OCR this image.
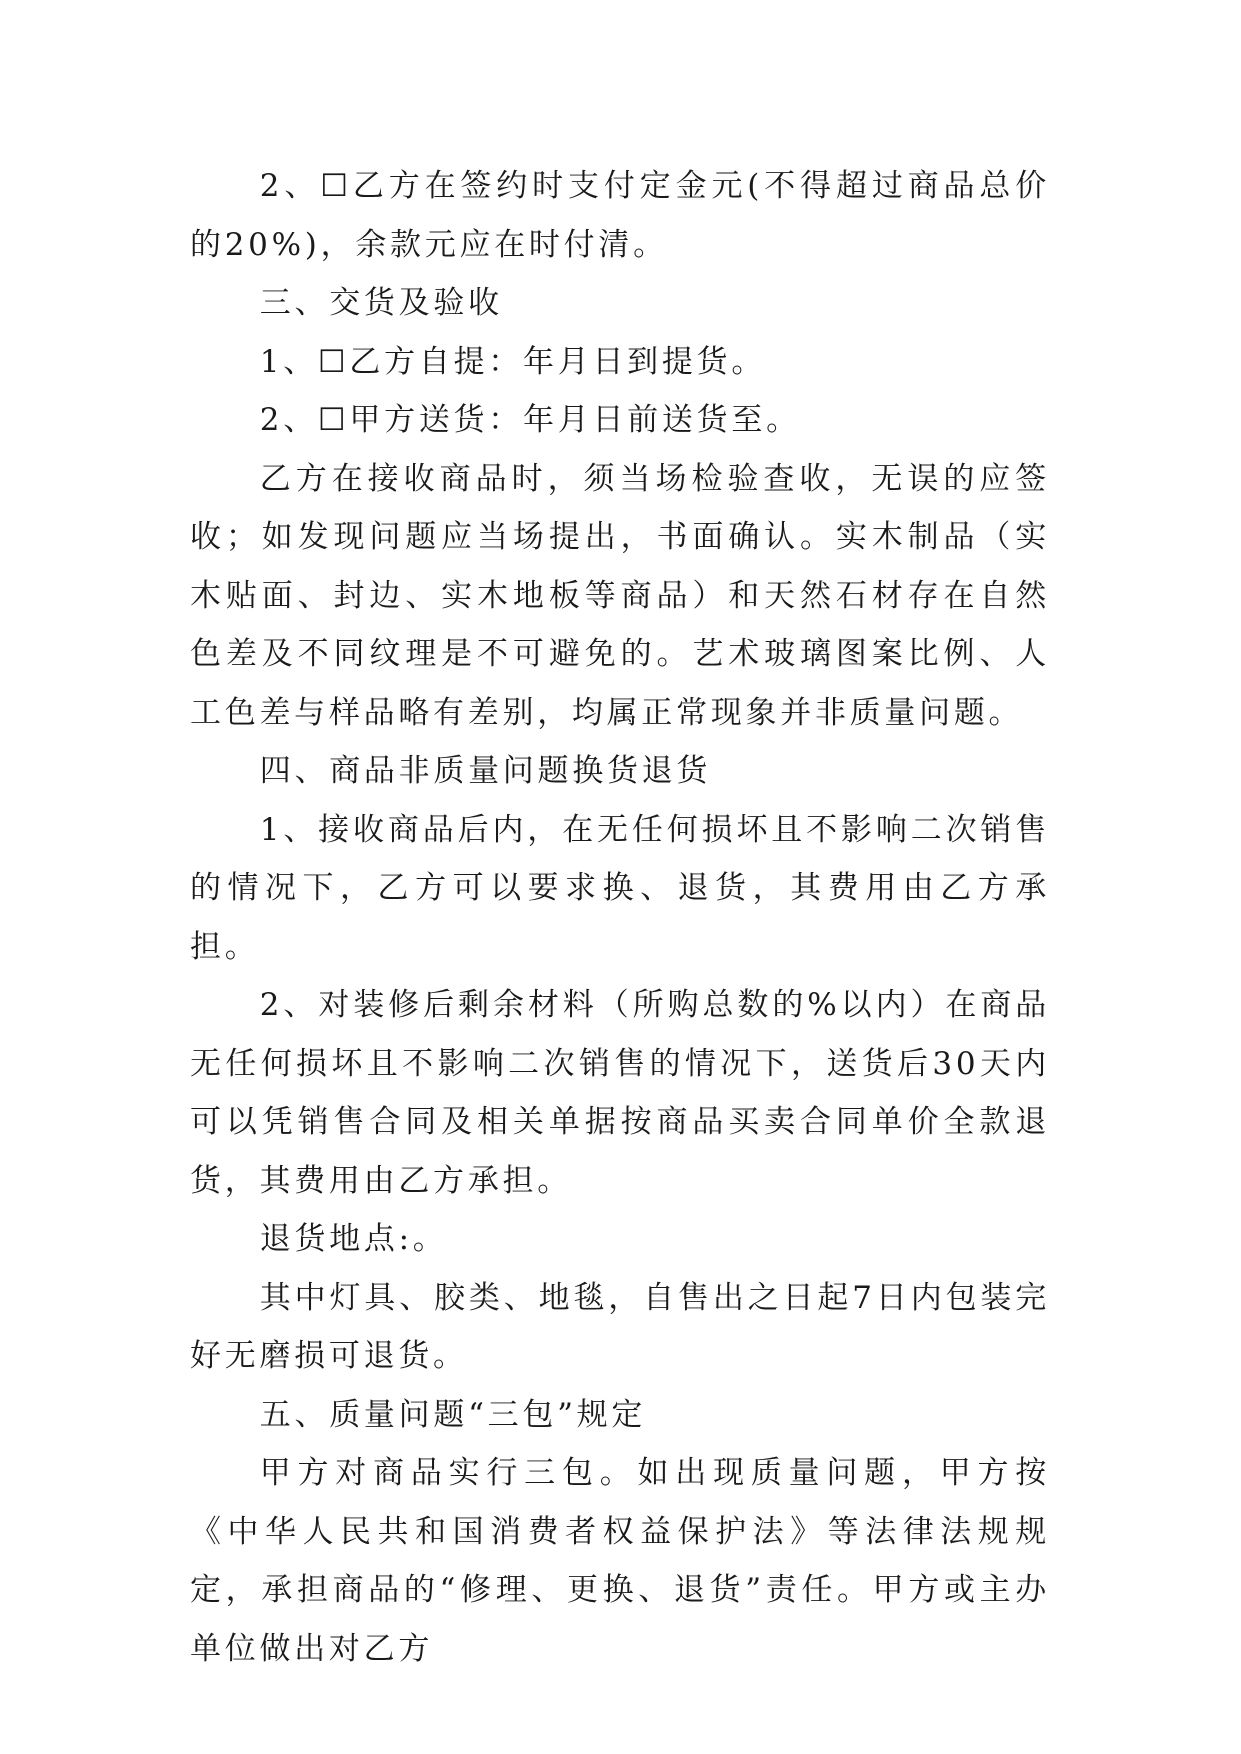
2、☐乙方在签约时支付定金元(不得超过商品总价的20%)，余款元应在时付清。

三、交货及验收

1、☐乙方自提：年月日到提货。

2、☐甲方送货：年月日前送货至。

乙方在接收商品时，须当场检验查收，无误的应签收；如发现问题应当场提出，书面确认。实木制品（实木贴面、封边、实木地板等商品）和天然石材存在自然色差及不同纹理是不可避免的。艺术玻璃图案比例、人工色差与样品略有差别，均属正常现象并非质量问题。

四、商品非质量问题换货退货

1、接收商品后内，在无任何损坏且不影响二次销售的情况下，乙方可以要求换、退货，其费用由乙方承担。

2、对装修后剩余材料（所购总数的%以内）在商品无任何损坏且不影响二次销售的情况下，送货后30天内可以凭销售合同及相关单据按商品买卖合同单价全款退货，其费用由乙方承担。

退货地点:。

其中灯具、胶类、地毯，自售出之日起7日内包装完好无磨损可退货。

五、质量问题“三包”规定

甲方对商品实行三包。如出现质量问题，甲方按《中华人民共和国消费者权益保护法》等法律法规规定，承担商品的“修理、更换、退货”责任。甲方或主办单位做出对乙方
